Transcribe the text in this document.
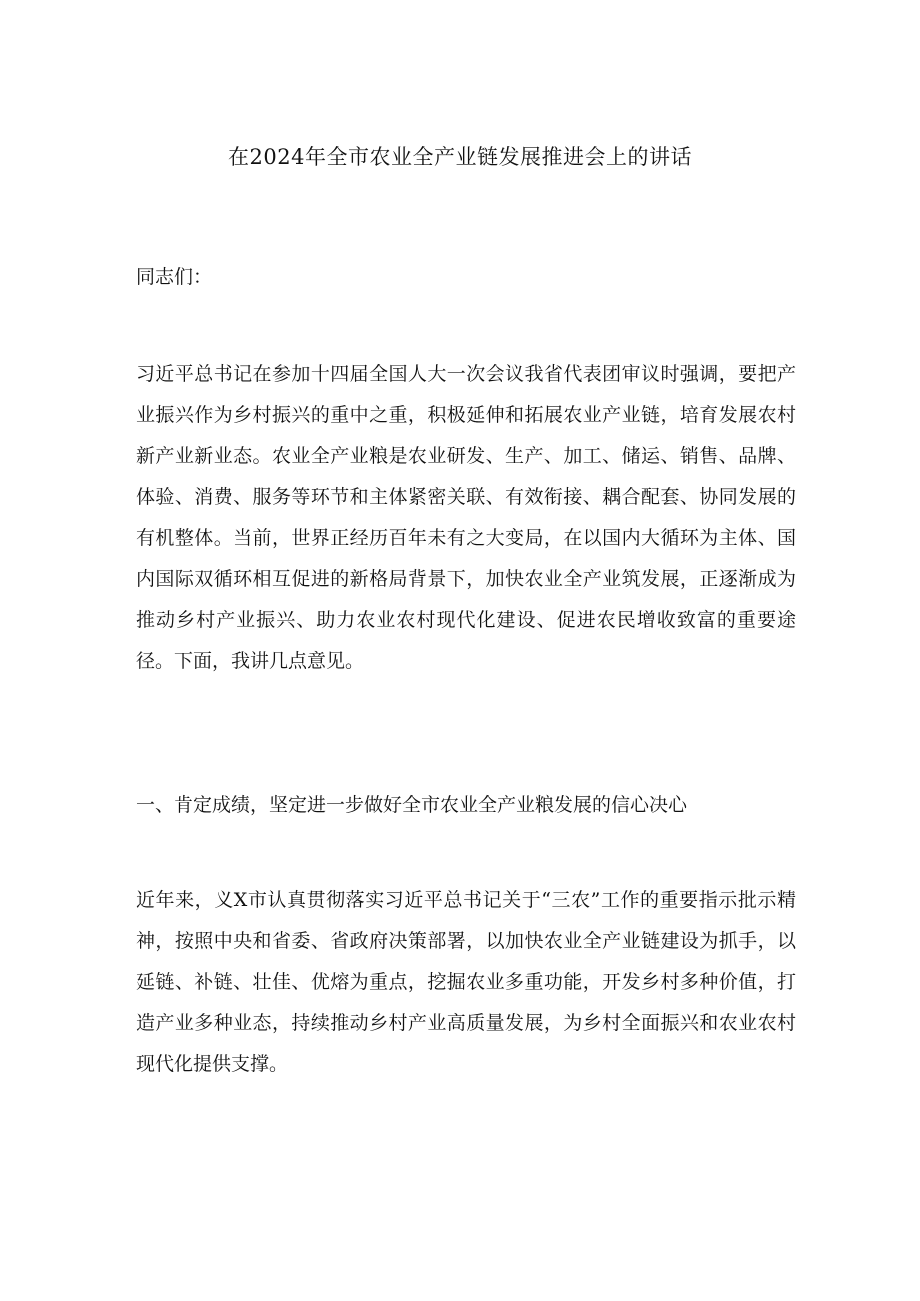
在2024年全市农业全产业链发展推进会上的讲话
同志们：

习近平总书记在参加十四届全国人大一次会议我省代表团审议时强调，要把产业振兴作为乡村振兴的重中之重，积极延伸和拓展农业产业链，培育发展农村新产业新业态。农业全产业粮是农业研发、生产、加工、储运、销售、品牌、体验、消费、服务等环节和主体紧密关联、有效衔接、耦合配套、协同发展的有机整体。当前，世界正经历百年未有之大变局，在以国内大循环为主体、国内国际双循环相互促进的新格局背景下，加快农业全产业筑发展，正逐渐成为推动乡村产业振兴、助力农业农村现代化建设、促进农民增收致富的重要途径。下面，我讲几点意见。

一、肯定成绩，坚定进一步做好全市农业全产业粮发展的信心决心

近年来，义X市认真贯彻落实习近平总书记关于“三农”工作的重要指示批示精神，按照中央和省委、省政府决策部署，以加快农业全产业链建设为抓手，以延链、补链、壮佳、优熔为重点，挖掘农业多重功能，开发乡村多种价值，打造产业多种业态，持续推动乡村产业高质量发展，为乡村全面振兴和农业农村现代化提供支撑。
